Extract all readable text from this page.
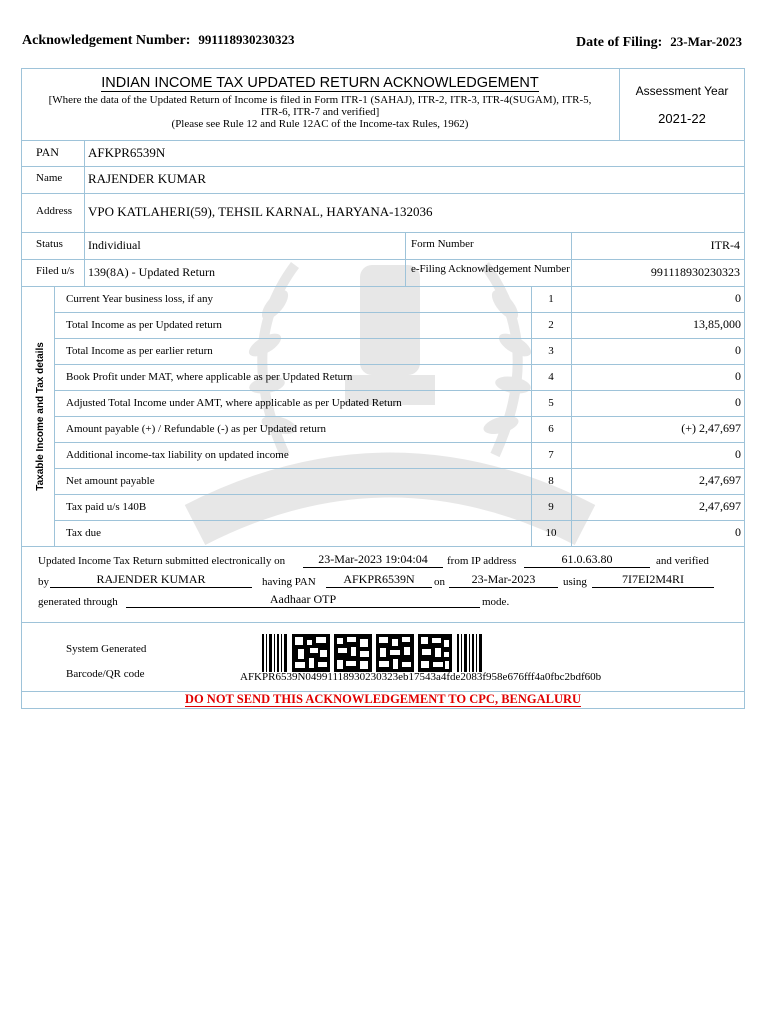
Acknowledgement Number: 991118930230323	Date of Filing: 23-Mar-2023
INDIAN INCOME TAX UPDATED RETURN ACKNOWLEDGEMENT
[Where the data of the Updated Return of Income is filed in Form ITR-1 (SAHAJ), ITR-2, ITR-3, ITR-4(SUGAM), ITR-5,
ITR-6, ITR-7 and verified]
(Please see Rule 12 and Rule 12AC of the Income-tax Rules, 1962)
Assessment Year
2021-22
PAN AFKPR6539N
Name RAJENDER KUMAR
Address VPO KATLAHERI(59), TEHSIL KARNAL, HARYANA-132036
Status Individiual	Form Number	ITR-4
Filed u/s 139(8A) - Updated Return	e-Filing Acknowledgement Number	991118930230323
Taxable Income and Tax details
Current Year business loss, if any	1	0
Total Income as per Updated return	2	13,85,000
Total Income as per earlier return	3	0
Book Profit under MAT, where applicable as per Updated Return	4	0
Adjusted Total Income under AMT, where applicable as per Updated Return	5	0
Amount payable (+) / Refundable (-) as per Updated return	6	(+) 2,47,697
Additional income-tax liability on updated income	7	0
Net amount payable	8	2,47,697
Tax paid u/s 140B	9	2,47,697
Tax due	10	0
Updated Income Tax Return submitted electronically on	23-Mar-2023 19:04:04	from IP address	61.0.63.80	and verified
by	RAJENDER KUMAR	having PAN	AFKPR6539N	on	23-Mar-2023	using	7I7EI2M4RI
generated through	Aadhaar OTP	mode.
System Generated
Barcode/QR code	AFKPR6539N04991118930230323eb17543a4fde2083f958e676fff4a0fbc2bdf60b
DO NOT SEND THIS ACKNOWLEDGEMENT TO CPC, BENGALURU
